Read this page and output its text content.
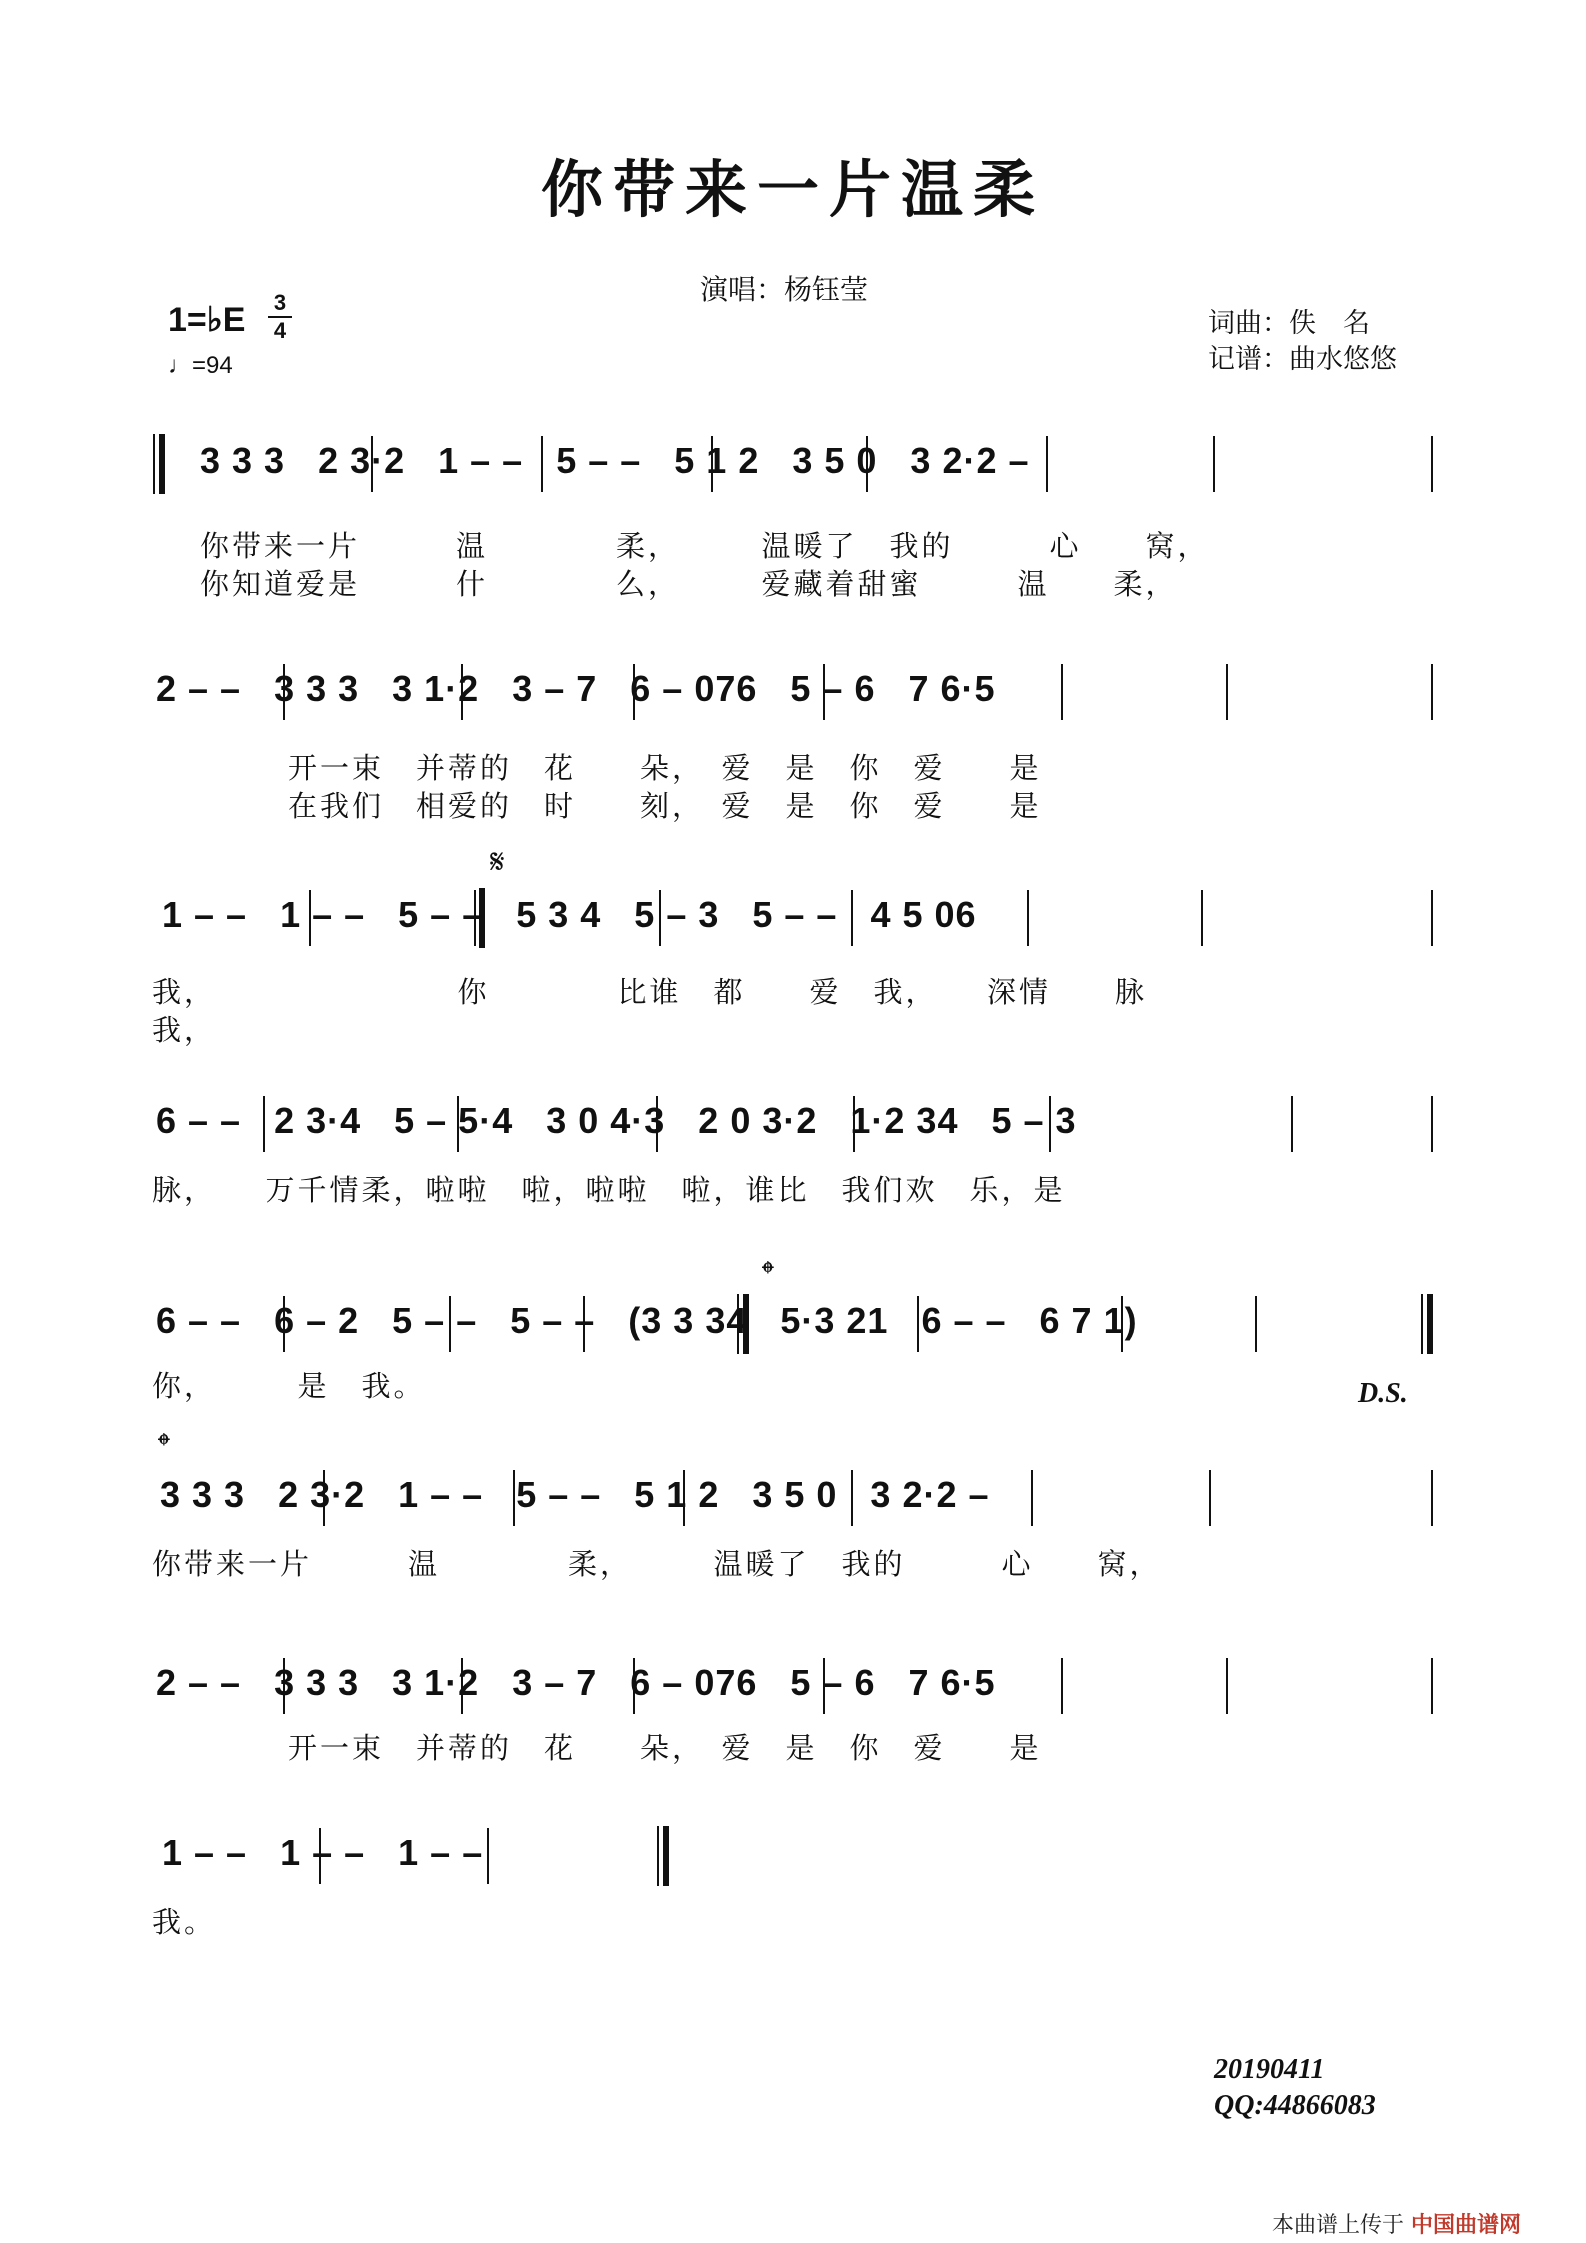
你带来一片温柔
演唱：杨钰莹
1=♭E 3
4
♩=94
词曲：佚　名
记谱：曲水悠悠
3 3 3   2 3·2   1 – –   5 – –   5 1 2   3 5 0   3 2·2 –
你带来一片　　　温　　　　柔，　　　温暖了　我的　　　心　　窝，
你知道爱是　　　什　　　　么，　　　爱藏着甜蜜　　　温　　柔，
2 – –   3 3 3   3 1·2   3 – 7   6 – 076   5 – 6   7 6·5
　　　　开一束　并蒂的　花　　朵，　爱　是　你　爱　　是
　　　　在我们　相爱的　时　　刻，　爱　是　你　爱　　是
1 – –   1 – –   5 – –   5 3 4   5 – 3   5 – –   4 5 06
𝄋
我，　　　　　　　　你　　　　比谁　都　　爱　我，　　深情　　脉
我，
6 – –   2 3·4   5 – 5·4   3 0 4·3   2 0 3·2   1·2 34   5 – 3
脉，　　万千情柔，啦啦　啦，啦啦　啦，谁比　我们欢　乐，是
6 – –   6 – 2   5 – –   5 – –   (3 3 34   5·3 21   6 – –   6 7 1)
𝄌
你，　　　是　我。	D.S.
𝄌
3 3 3   2 3·2   1 – –   5 – –   5 1 2   3 5 0   3 2·2 –
你带来一片　　　温　　　　柔，　　　温暖了　我的　　　心　　窝，
2 – –   3 3 3   3 1·2   3 – 7   6 – 076   5 – 6   7 6·5
　　　　开一束　并蒂的　花　　朵，　爱　是　你　爱　　是
1 – –   1 – –   1 – –
我。
20190411
QQ:44866083
本曲谱上传于 中国曲谱网
